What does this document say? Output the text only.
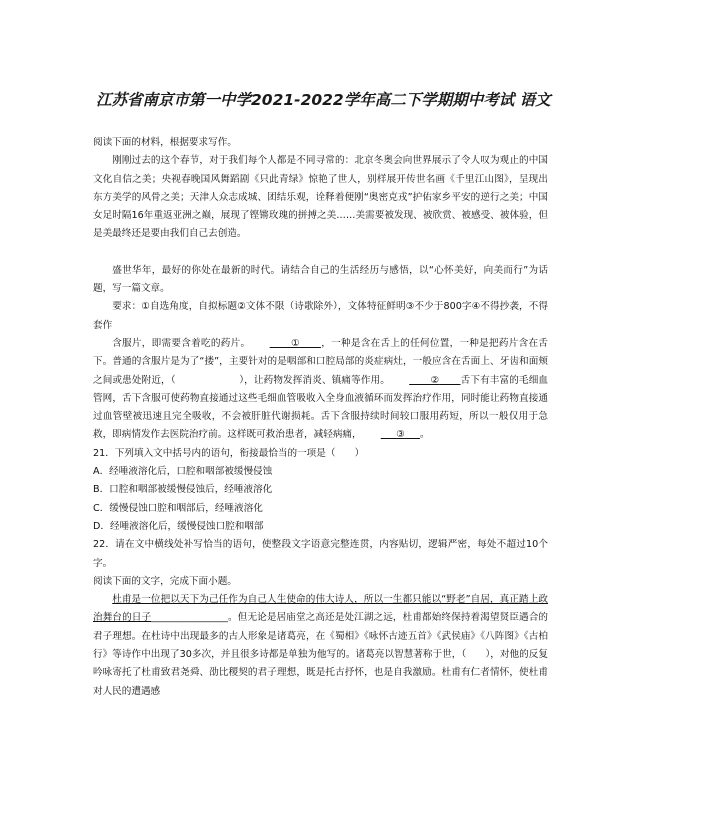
江苏省南京市第一中学2021-2022学年高二下学期期中考试 语文

阅读下面的材料，根据要求写作。

刚刚过去的这个春节，对于我们每个人都是不同寻常的：北京冬奥会向世界展示了令人叹为观止的中国文化自信之美；央视春晚国风舞蹈剧《只此青绿》惊艳了世人，别样展开传世名画《千里江山图》，呈现出东方美学的风骨之美；天津人众志成城、团结乐观，诠释着便刚“奥密克戎”护佑家乡平安的逆行之美；中国女足时隔16年重返亚洲之巅，展现了铿锵玫瑰的拼搏之美……美需要被发现、被欣赏、被感受、被体验，但是美最终还是要由我们自己去创造。

盛世华年，最好的你处在最新的时代。请结合自己的生活经历与感悟，以“心怀美好，向美而行”为话题，写一篇文章。

要求：①自选角度，自拟标题②文体不限（诗歌除外），文体特征鲜明③不少于800字④不得抄袭，不得套作

含服片，即需要含着吃的药片。	① ，一种是含在舌上的任何位置，一种是把药片含在舌下。普通的含服片是为了“搂”，主要针对的是咽部和口腔局部的炎症病灶，一般应含在舌面上、牙齿和面颊之间或患处附近，（	），让药物发挥消炎、镇痛等作用。	② 舌下有丰富的毛细血管网，舌下含服可使药物直接通过这些毛细血管吸收入全身血液循环而发挥治疗作用，同时能让药物直接通过血管壁被迅速且完全吸收，不会被肝脏代谢损耗。舌下含服持续时间较口服用药短，所以一般仅用于急救，即病情发作去医院治疗前。这样既可救治患者，减轻病痛，	③ 。

21．下列填入文中括号内的语句，衔接最恰当的一项是（　　）

A．经唾液溶化后，口腔和咽部被缓慢侵蚀

B．口腔和咽部被缓慢侵蚀后，经唾液溶化

C．缓慢侵蚀口腔和咽部后，经唾液溶化

D．经唾液溶化后，缓慢侵蚀口腔和咽部

22．请在文中横线处补写恰当的语句，使整段文字语意完整连贯，内容贴切，逻辑严密，每处不超过10个字。

阅读下面的文字，完成下面小题。

杜甫是一位把以天下为己任作为自己人生使命的伟大诗人，所以一生都只能以“野老”自居，真正踏上政治舞台的日子________________。但无论是居庙堂之高还是处江湖之远，杜甫都始终保持着渴望贤臣遇合的君子理想。在杜诗中出现最多的古人形象是诸葛亮，在《蜀相》《咏怀古迹五首》《武侯庙》《八阵图》《古柏行》等诗作中出现了30多次，并且很多诗都是单独为他写的。诸葛亮以智慧著称于世，（　　），对他的反复吟咏寄托了杜甫致君尧舜、劭比稷契的君子理想，既是托古抒怀，也是自我激励。杜甫有仁者情怀，使杜甫对人民的遭遇感
